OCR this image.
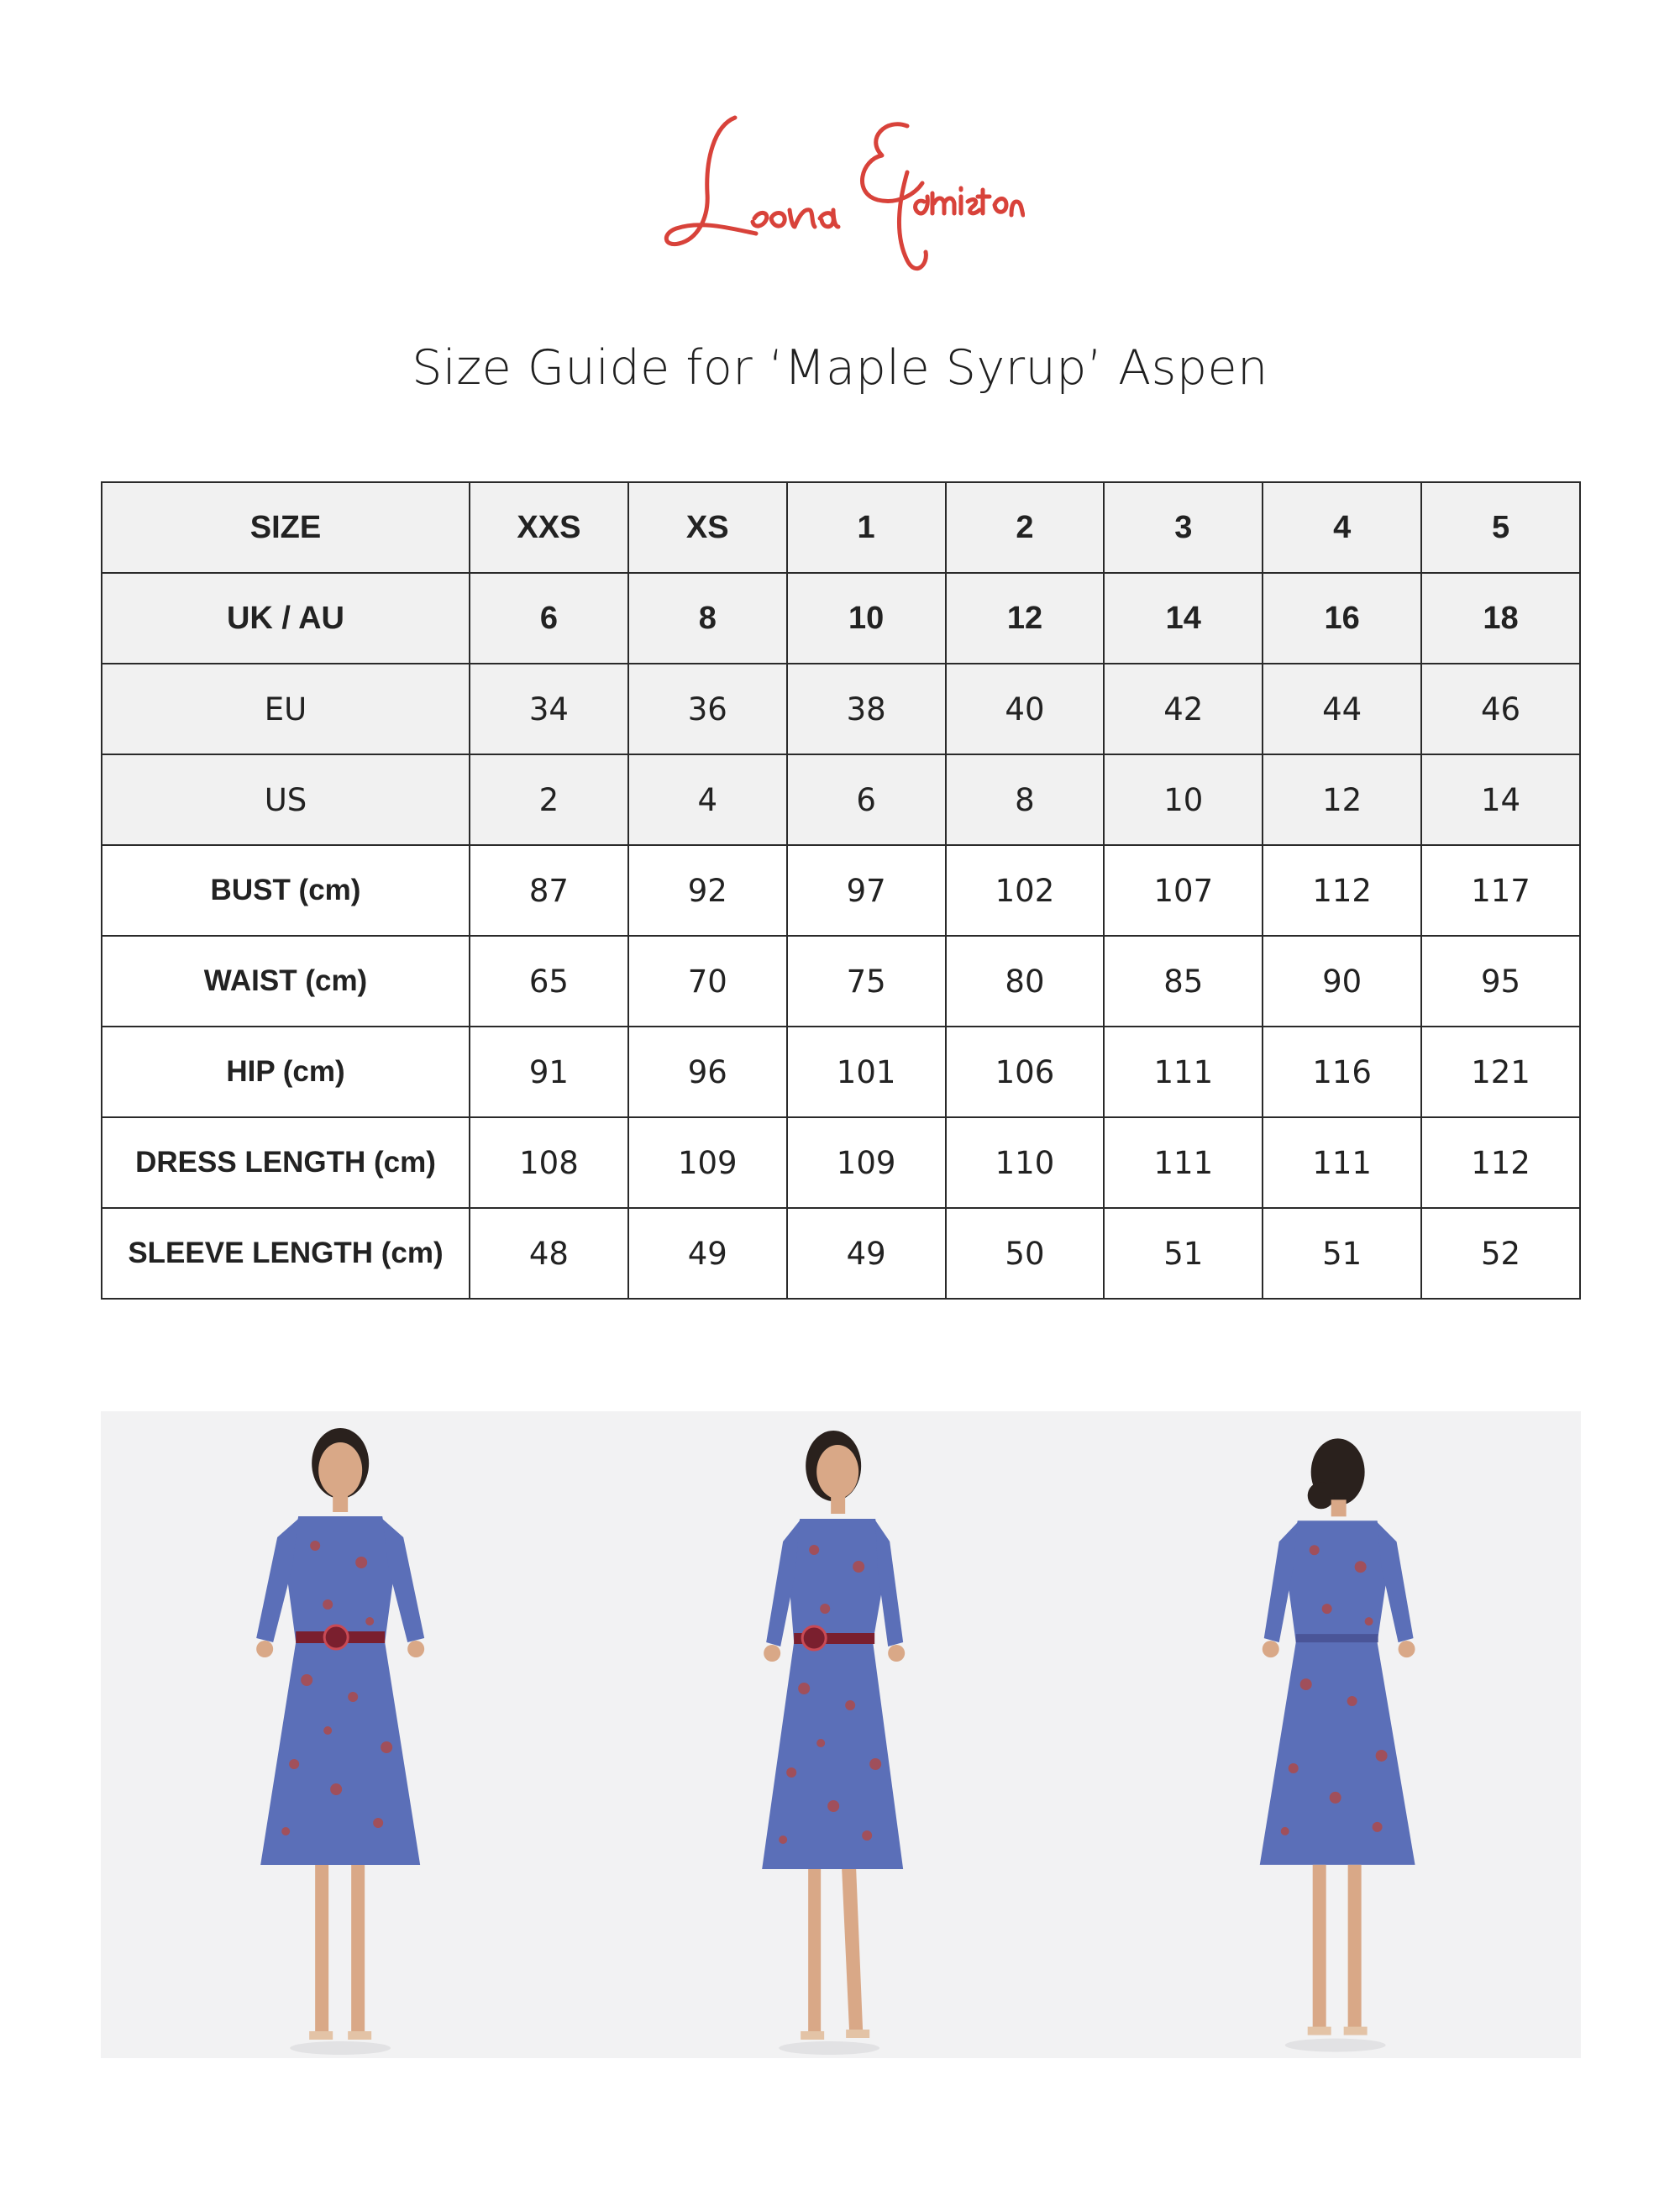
Size Guide for ‘Maple Syrup’ Aspen
SIZE	XXS	XS	1	2	3	4	5
UK / AU	6	8	10	12	14	16	18
EU	34	36	38	40	42	44	46
US	2	4	6	8	10	12	14
BUST (cm)	87	92	97	102	107	112	117
WAIST (cm)	65	70	75	80	85	90	95
HIP (cm)	91	96	101	106	111	116	121
DRESS LENGTH (cm)	108	109	109	110	111	111	112
SLEEVE LENGTH (cm)	48	49	49	50	51	51	52
